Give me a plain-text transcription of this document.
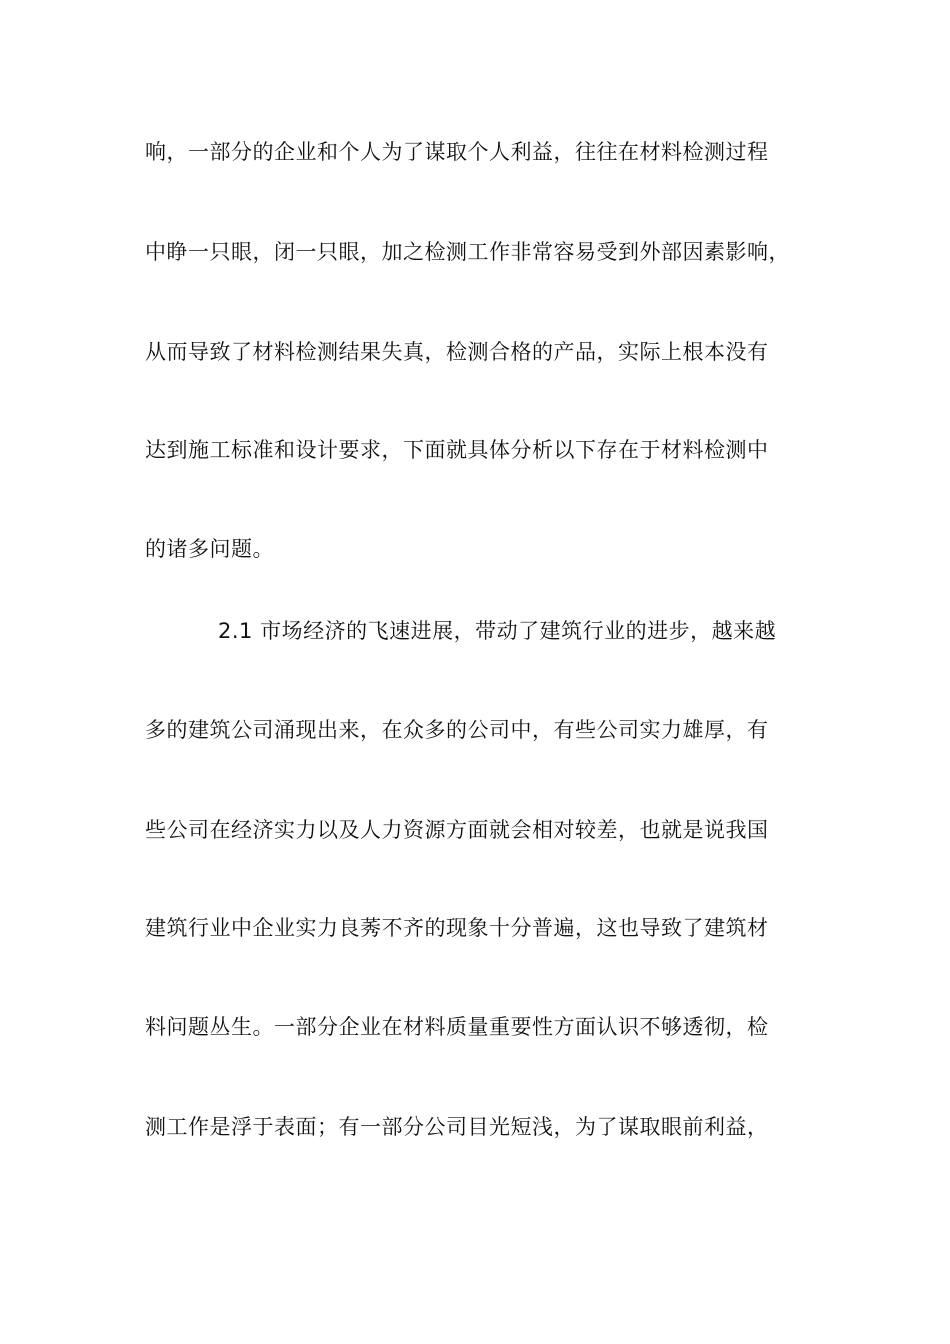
响，一部分的企业和个人为了谋取个人利益，往往在材料检测过程
中睁一只眼，闭一只眼，加之检测工作非常容易受到外部因素影响，
从而导致了材料检测结果失真，检测合格的产品，实际上根本没有
达到施工标准和设计要求，下面就具体分析以下存在于材料检测中
的诸多问题。
2.1 市场经济的飞速进展，带动了建筑行业的进步，越来越
多的建筑公司涌现出来，在众多的公司中，有些公司实力雄厚，有
些公司在经济实力以及人力资源方面就会相对较差，也就是说我国
建筑行业中企业实力良莠不齐的现象十分普遍，这也导致了建筑材
料问题丛生。一部分企业在材料质量重要性方面认识不够透彻，检
测工作是浮于表面；有一部分公司目光短浅，为了谋取眼前利益，
